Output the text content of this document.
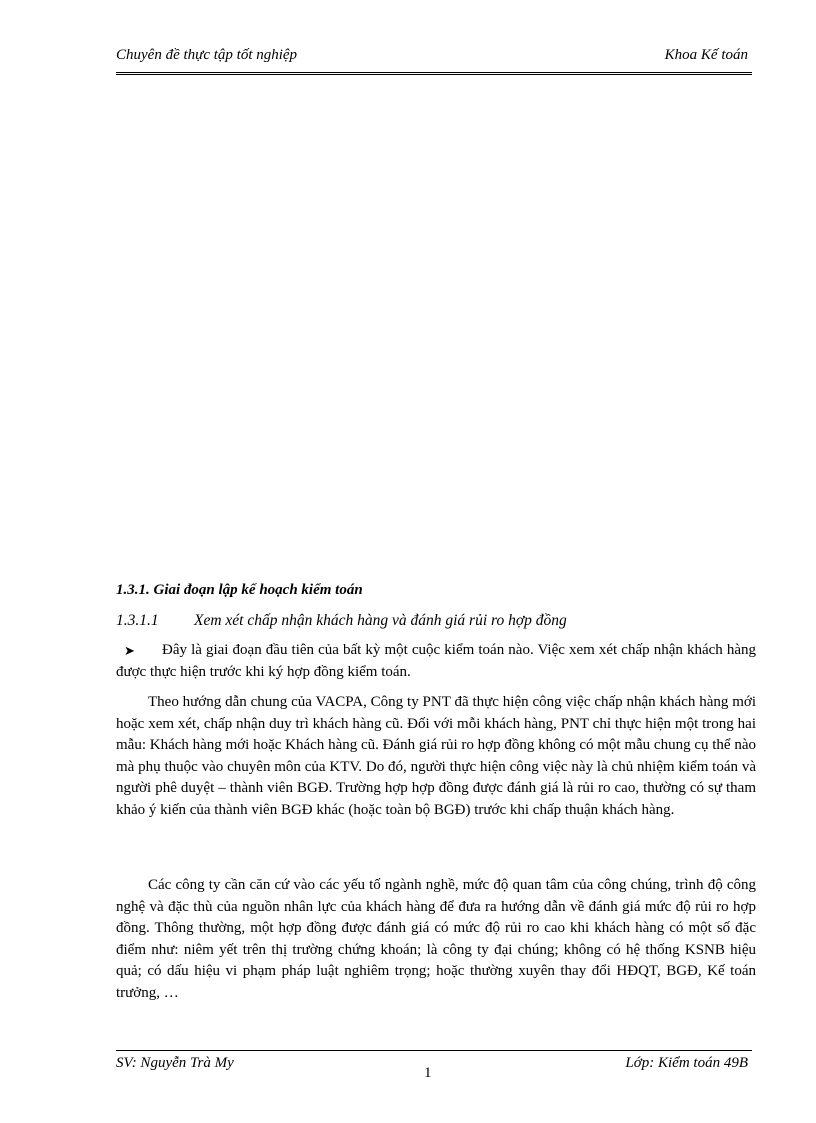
Chuyên đề thực tập tốt nghiệp	Khoa Kế toán
1.3.1. Giai đoạn lập kế hoạch kiểm toán
1.3.1.1 Xem xét chấp nhận khách hàng và đánh giá rủi ro hợp đồng
➤	Đây là giai đoạn đầu tiên của bất kỳ một cuộc kiểm toán nào. Việc xem xét chấp nhận khách hàng được thực hiện trước khi ký hợp đồng kiểm toán.
Theo hướng dẫn chung của VACPA, Công ty PNT đã thực hiện công việc chấp nhận khách hàng mới hoặc xem xét, chấp nhận duy trì khách hàng cũ. Đối với mỗi khách hàng, PNT chỉ thực hiện một trong hai mẫu: Khách hàng mới hoặc Khách hàng cũ. Đánh giá rủi ro hợp đồng không có một mẫu chung cụ thể nào mà phụ thuộc vào chuyên môn của KTV. Do đó, người thực hiện công việc này là chủ nhiệm kiểm toán và người phê duyệt – thành viên BGĐ. Trường hợp hợp đồng được đánh giá là rủi ro cao, thường có sự tham khảo ý kiến của thành viên BGĐ khác (hoặc toàn bộ BGĐ) trước khi chấp thuận khách hàng.
Các công ty cần căn cứ vào các yếu tố ngành nghề, mức độ quan tâm của công chúng, trình độ công nghệ và đặc thù của nguồn nhân lực của khách hàng để đưa ra hướng dẫn về đánh giá mức độ rủi ro hợp đồng. Thông thường, một hợp đồng được đánh giá có mức độ rủi ro cao khi khách hàng có một số đặc điểm như: niêm yết trên thị trường chứng khoán; là công ty đại chúng; không có hệ thống KSNB hiệu quả; có dấu hiệu vi phạm pháp luật nghiêm trọng; hoặc thường xuyên thay đổi HĐQT, BGĐ, Kế toán trưởng, …
SV: Nguyễn Trà My
1
Lớp: Kiểm toán 49B
